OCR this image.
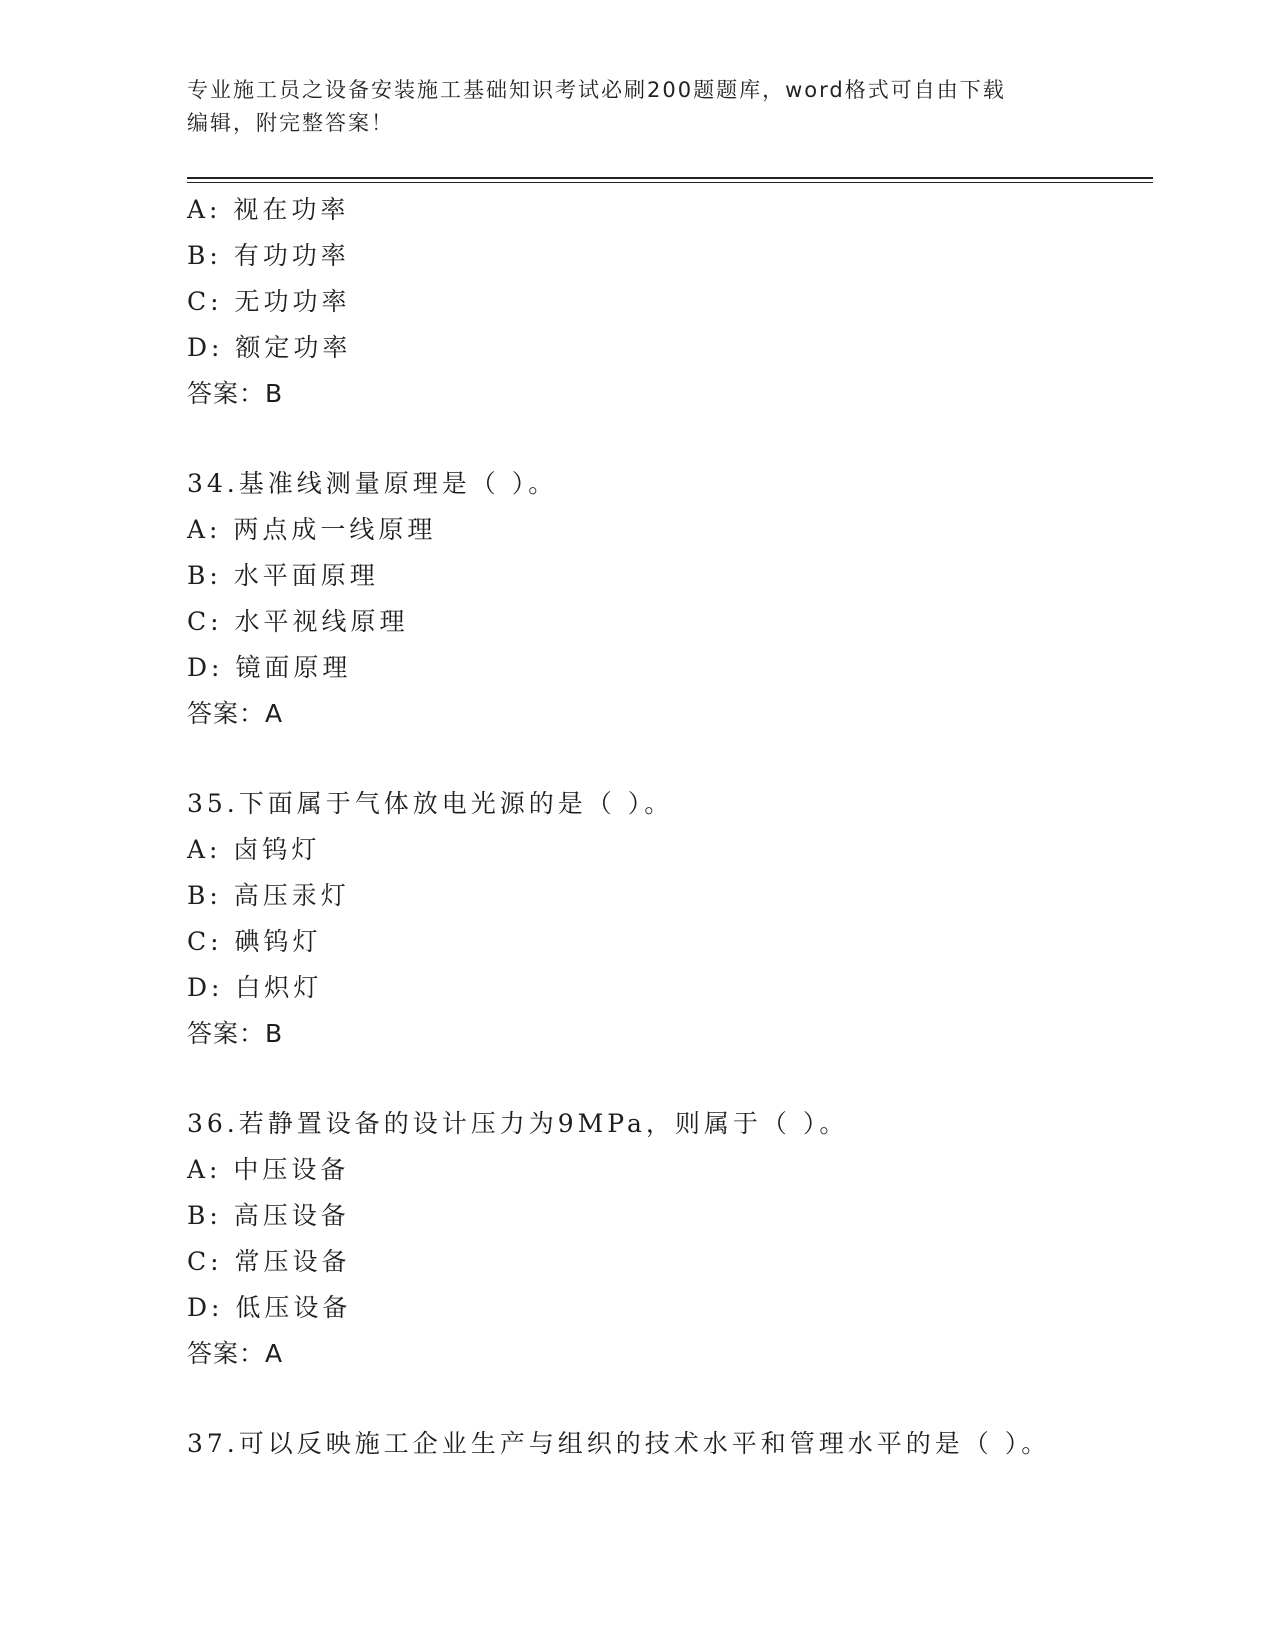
专业施工员之设备安装施工基础知识考试必刷200题题库，word格式可自由下载
编辑，附完整答案！
A: 视在功率
B: 有功功率
C: 无功功率
D: 额定功率
答案：B
34.基准线测量原理是（ ）。
A: 两点成一线原理
B: 水平面原理
C: 水平视线原理
D: 镜面原理
答案：A
35.下面属于气体放电光源的是（ ）。
A: 卤钨灯
B: 高压汞灯
C: 碘钨灯
D: 白炽灯
答案：B
36.若静置设备的设计压力为9MPa，则属于（ ）。
A: 中压设备
B: 高压设备
C: 常压设备
D: 低压设备
答案：A
37.可以反映施工企业生产与组织的技术水平和管理水平的是（ ）。
